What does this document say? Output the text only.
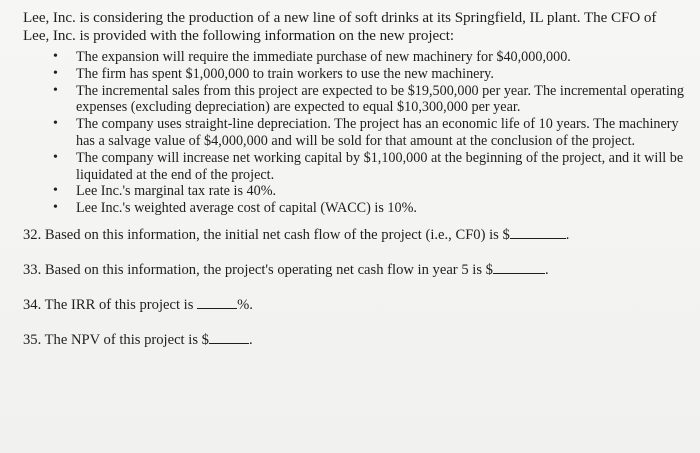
Lee, Inc. is considering the production of a new line of soft drinks at its Springfield, IL plant. The CFO of Lee, Inc. is provided with the following information on the new project:

• The expansion will require the immediate purchase of new machinery for $40,000,000.
• The firm has spent $1,000,000 to train workers to use the new machinery.
• The incremental sales from this project are expected to be $19,500,000 per year. The incremental operating expenses (excluding depreciation) are expected to equal $10,300,000 per year.
• The company uses straight-line depreciation. The project has an economic life of 10 years. The machinery has a salvage value of $4,000,000 and will be sold for that amount at the conclusion of the project.
• The company will increase net working capital by $1,100,000 at the beginning of the project, and it will be liquidated at the end of the project.
• Lee Inc.'s marginal tax rate is 40%.
• Lee Inc.'s weighted average cost of capital (WACC) is 10%.
32. Based on this information, the initial net cash flow of the project (i.e., CF0) is $	.
33. Based on this information, the project's operating net cash flow in year 5 is $	.
34. The IRR of this project is	%.
35. The NPV of this project is $	.
